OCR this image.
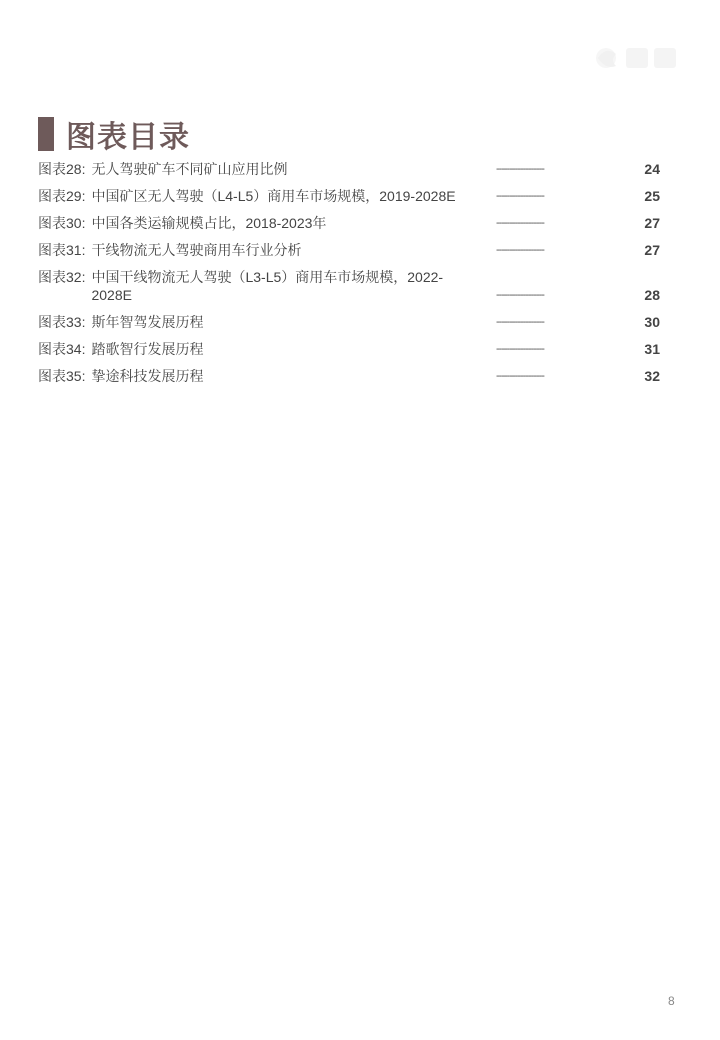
图表目录
图表28: 无人驾驶矿车不同矿山应用比例	------------------	24
图表29: 中国矿区无人驾驶（L4-L5）商用车市场规模，2019-2028E	------------------	25
图表30: 中国各类运输规模占比，2018-2023年	------------------	27
图表31: 干线物流无人驾驶商用车行业分析	------------------	27
图表32: 中国干线物流无人驾驶（L3-L5）商用车市场规模，2022-2028E	------------------	28
图表33: 斯年智驾发展历程	------------------	30
图表34: 踏歌智行发展历程	------------------	31
图表35: 挚途科技发展历程	------------------	32
8
